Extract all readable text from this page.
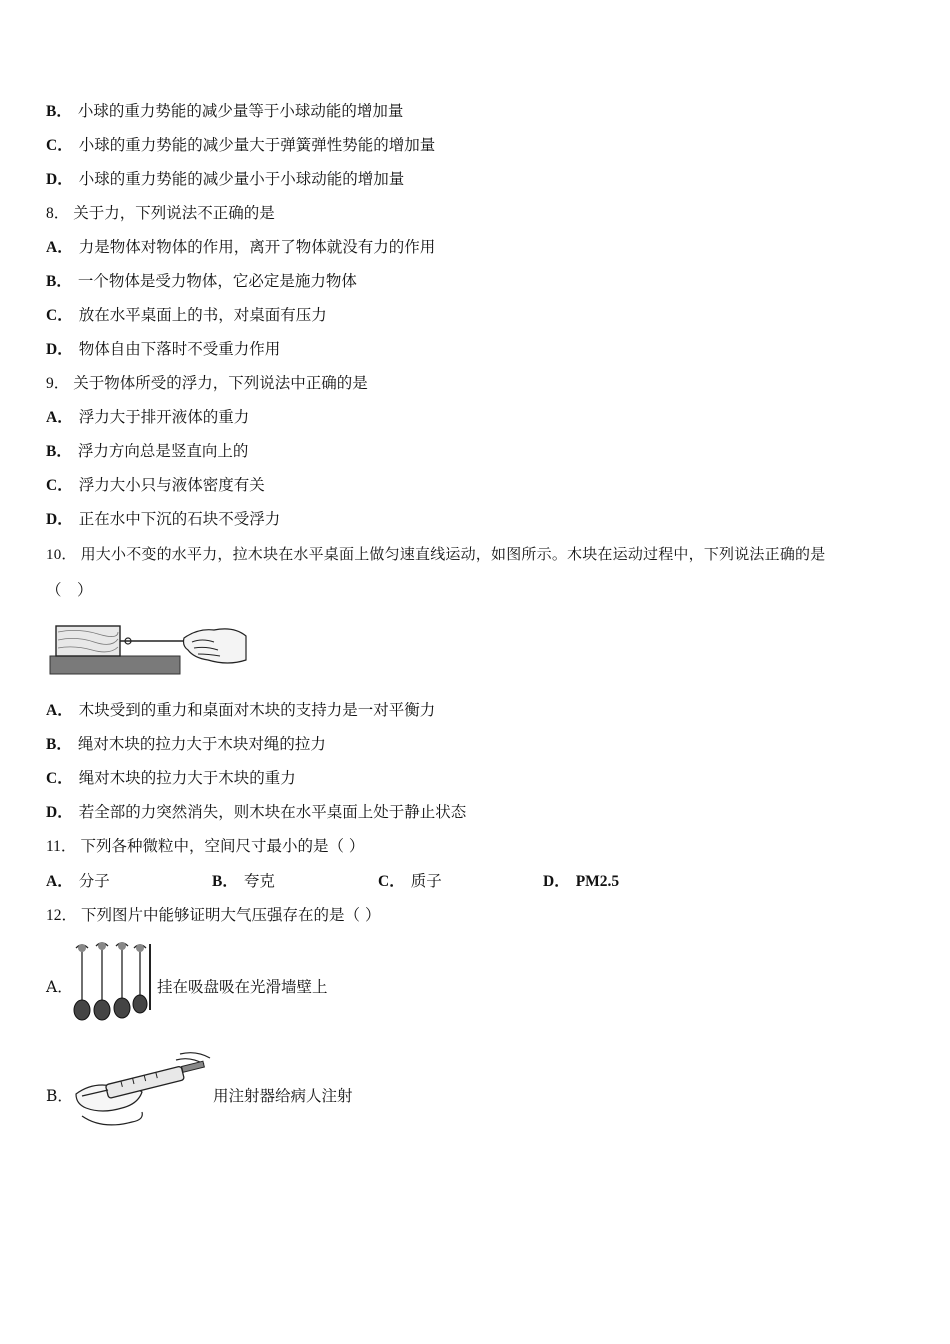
B． 小球的重力势能的减少量等于小球动能的增加量
C． 小球的重力势能的减少量大于弹簧弹性势能的增加量
D． 小球的重力势能的减少量小于小球动能的增加量
8． 关于力，下列说法不正确的是
A． 力是物体对物体的作用，离开了物体就没有力的作用
B． 一个物体是受力物体，它必定是施力物体
C． 放在水平桌面上的书，对桌面有压力
D． 物体自由下落时不受重力作用
9． 关于物体所受的浮力，下列说法中正确的是
A． 浮力大于排开液体的重力
B． 浮力方向总是竖直向上的
C． 浮力大小只与液体密度有关
D． 正在水中下沉的石块不受浮力
10． 用大小不变的水平力，拉木块在水平桌面上做匀速直线运动，如图所示。木块在运动过程中，下列说法正确的是
（　）
A． 木块受到的重力和桌面对木块的支持力是一对平衡力
B． 绳对木块的拉力大于木块对绳的拉力
C． 绳对木块的拉力大于木块的重力
D． 若全部的力突然消失，则木块在水平桌面上处于静止状态
11． 下列各种微粒中，空间尺寸最小的是（ ）
A． 分子	B． 夸克	C． 质子	D． PM2.5
12． 下列图片中能够证明大气压强存在的是（ ）
A．	挂在吸盘吸在光滑墙壁上
B．	用注射器给病人注射
